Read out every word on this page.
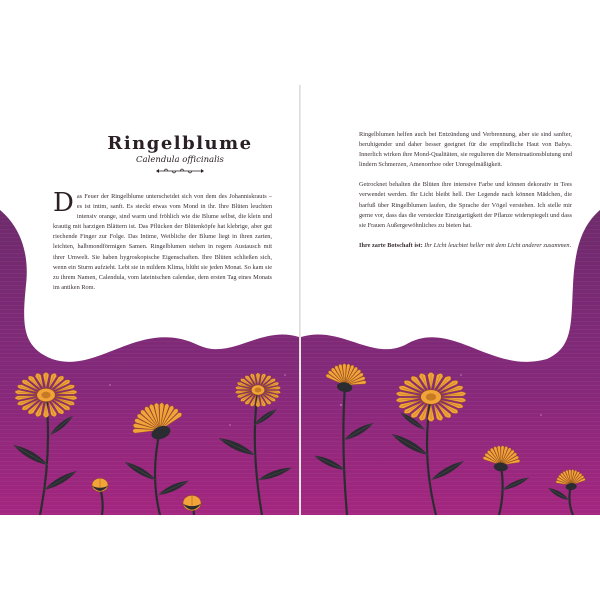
Ringelblume
Calendula officinalis

Das Feuer der Ringelblume unterscheidet sich von dem des Johanniskrauts – es ist intim, sanft. Es steckt etwas vom Mond in ihr. Ihre Blüten leuchten intensiv orange, sind warm und fröhlich wie die Blume selbst, die klein und krautig mit harzigen Blättern ist. Das Pflücken der Blütenköpfe hat klebrige, aber gut riechende Finger zur Folge. Das Intime, Weibliche der Blume liegt in ihren zarten, leichten, halbmondförmigen Samen. Ringelblumen stehen in regem Austausch mit ihrer Umwelt. Sie haben hygroskopische Eigenschaften. Ihre Blüten schließen sich, wenn ein Sturm aufzieht. Lebt sie in mildem Klima, blüht sie jeden Monat. So kam sie zu ihrem Namen, Calendula, vom lateinischen calendae, dem ersten Tag eines Monats im antiken Rom.

Ringelblumen helfen auch bei Entzündung und Verbrennung, aber sie sind sanfter, beruhigender und daher besser geeignet für die empfindliche Haut von Babys. Innerlich wirken ihre Mond-Qualitäten, sie regulieren die Menstruationsblutung und lindern Schmerzen, Amenorrhoe oder Unregelmäßigkeit.

Getrocknet behalten die Blüten ihre intensive Farbe und können dekorativ in Tees verwendet werden. Ihr Licht bleibt hell. Der Legende nach können Mädchen, die barfuß über Ringelblumen laufen, die Sprache der Vögel verstehen. Ich stelle mir gerne vor, dass das die versteckte Einzigartigkeit der Pflanze widerspiegelt und dass sie Frauen Außergewöhnliches zu bieten hat.

Ihre zarte Botschaft ist: Ihr Licht leuchtet heller mit dem Licht anderer zusammen.
